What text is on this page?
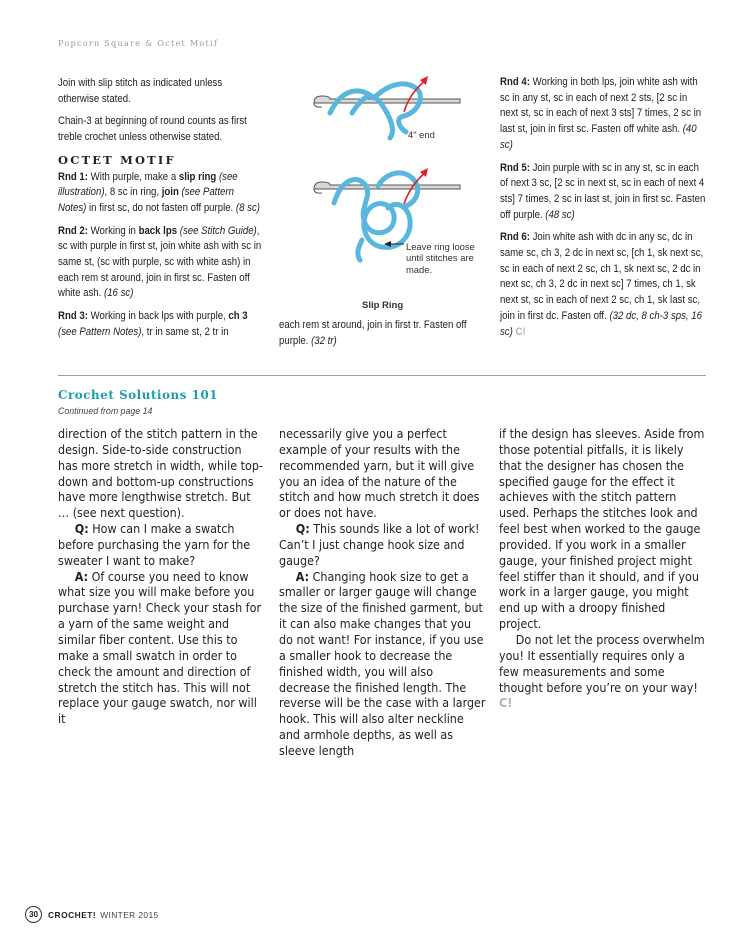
Popcorn Square & Octet Motif

Join with slip stitch as indicated unless otherwise stated.

Chain-3 at beginning of round counts as first treble crochet unless otherwise stated.

OCTET MOTIF

Rnd 1: With purple, make a slip ring (see illustration), 8 sc in ring, join (see Pattern Notes) in first sc, do not fasten off purple. (8 sc)

Rnd 2: Working in back lps (see Stitch Guide), sc with purple in first st, join white ash with sc in same st, (sc with purple, sc with white ash) in each rem st around, join in first sc. Fasten off white ash. (16 sc)

Rnd 3: Working in back lps with purple, ch 3 (see Pattern Notes), tr in same st, 2 tr in

4" end
Leave ring loose until stitches are made.
Slip Ring
each rem st around, join in first tr. Fasten off purple. (32 tr)

Rnd 4: Working in both lps, join white ash with sc in any st, sc in each of next 2 sts, [2 sc in next st, sc in each of next 3 sts] 7 times, 2 sc in last st, join in first sc. Fasten off white ash. (40 sc)

Rnd 5: Join purple with sc in any st, sc in each of next 3 sc, [2 sc in next st, sc in each of next 4 sts] 7 times, 2 sc in last st, join in first sc. Fasten off purple. (48 sc)

Rnd 6: Join white ash with dc in any sc, dc in same sc, ch 3, 2 dc in next sc, [ch 1, sk next sc, sc in each of next 2 sc, ch 1, sk next sc, 2 dc in next sc, ch 3, 2 dc in next sc] 7 times, ch 1, sk next st, sc in each of next 2 sc, ch 1, sk last sc, join in first dc. Fasten off. (32 dc, 8 ch-3 sps, 16 sc) C!

Crochet Solutions 101
Continued from page 14

direction of the stitch pattern in the design. Side-to-side construction has more stretch in width, while top-down and bottom-up constructions have more lengthwise stretch. But … (see next question).

Q: How can I make a swatch before purchasing the yarn for the sweater I want to make?

A: Of course you need to know what size you will make before you purchase yarn! Check your stash for a yarn of the same weight and similar fiber content. Use this to make a small swatch in order to check the amount and direction of stretch the stitch has. This will not replace your gauge swatch, nor will it

necessarily give you a perfect example of your results with the recommended yarn, but it will give you an idea of the nature of the stitch and how much stretch it does or does not have.

Q: This sounds like a lot of work! Can’t I just change hook size and gauge?

A: Changing hook size to get a smaller or larger gauge will change the size of the finished garment, but it can also make changes that you do not want! For instance, if you use a smaller hook to decrease the finished width, you will also decrease the finished length. The reverse will be the case with a larger hook. This will also alter neckline and armhole depths, as well as sleeve length

if the design has sleeves. Aside from those potential pitfalls, it is likely that the designer has chosen the specified gauge for the effect it achieves with the stitch pattern used. Perhaps the stitches look and feel best when worked to the gauge provided. If you work in a smaller gauge, your finished project might feel stiffer than it should, and if you work in a larger gauge, you might end up with a droopy finished project.

Do not let the process overwhelm you! It essentially requires only a few measurements and some thought before you’re on your way! C!

30	CROCHET! WINTER 2015
